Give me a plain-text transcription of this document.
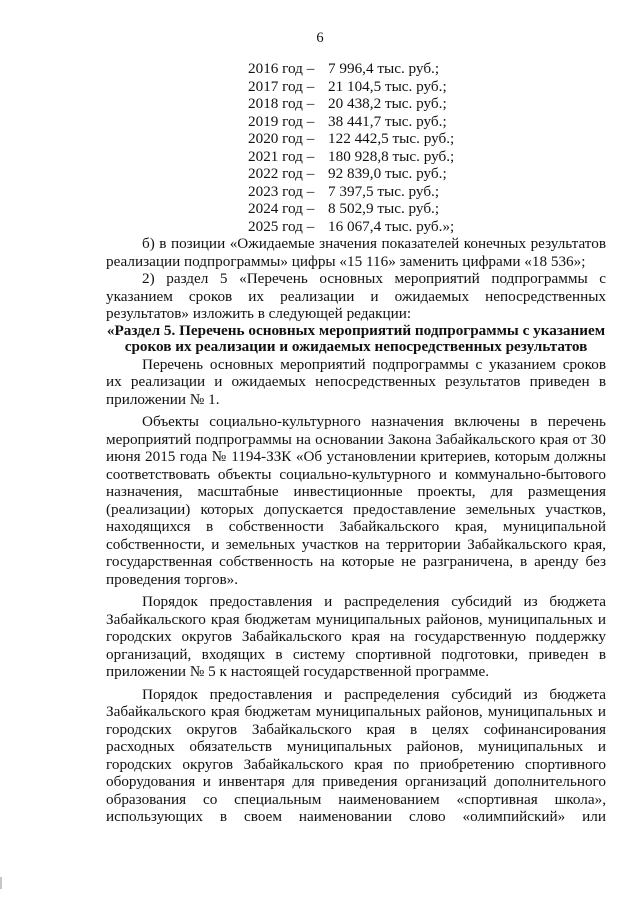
6
2016 год – 7 996,4 тыс. руб.;
2017 год – 21 104,5 тыс. руб.;
2018 год – 20 438,2 тыс. руб.;
2019 год – 38 441,7 тыс. руб.;
2020 год – 122 442,5 тыс. руб.;
2021 год – 180 928,8 тыс. руб.;
2022 год – 92 839,0 тыс. руб.;
2023 год – 7 397,5 тыс. руб.;
2024 год – 8 502,9 тыс. руб.;
2025 год – 16 067,4 тыс. руб.»;

б) в позиции «Ожидаемые значения показателей конечных результатов реализации подпрограммы» цифры «15 116» заменить цифрами «18 536»;

2) раздел 5 «Перечень основных мероприятий подпрограммы с указанием сроков их реализации и ожидаемых непосредственных результатов» изложить в следующей редакции:

«Раздел 5. Перечень основных мероприятий подпрограммы с указанием сроков их реализации и ожидаемых непосредственных результатов

Перечень основных мероприятий подпрограммы с указанием сроков их реализации и ожидаемых непосредственных результатов приведен в приложении № 1.

Объекты социально-культурного назначения включены в перечень мероприятий подпрограммы на основании Закона Забайкальского края от 30 июня 2015 года № 1194-ЗЗК «Об установлении критериев, которым должны соответствовать объекты социально-культурного и коммунально-бытового назначения, масштабные инвестиционные проекты, для размещения (реализации) которых допускается предоставление земельных участков, находящихся в собственности Забайкальского края, муниципальной собственности, и земельных участков на территории Забайкальского края, государственная собственность на которые не разграничена, в аренду без проведения торгов».

Порядок предоставления и распределения субсидий из бюджета Забайкальского края бюджетам муниципальных районов, муниципальных и городских округов Забайкальского края на государственную поддержку организаций, входящих в систему спортивной подготовки, приведен в приложении № 5 к настоящей государственной программе.

Порядок предоставления и распределения субсидий из бюджета Забайкальского края бюджетам муниципальных районов, муниципальных и городских округов Забайкальского края в целях софинансирования расходных обязательств муниципальных районов, муниципальных и городских округов Забайкальского края по приобретению спортивного оборудования и инвентаря для приведения организаций дополнительного образования со специальным наименованием «спортивная школа», использующих в своем наименовании слово «олимпийский» или
